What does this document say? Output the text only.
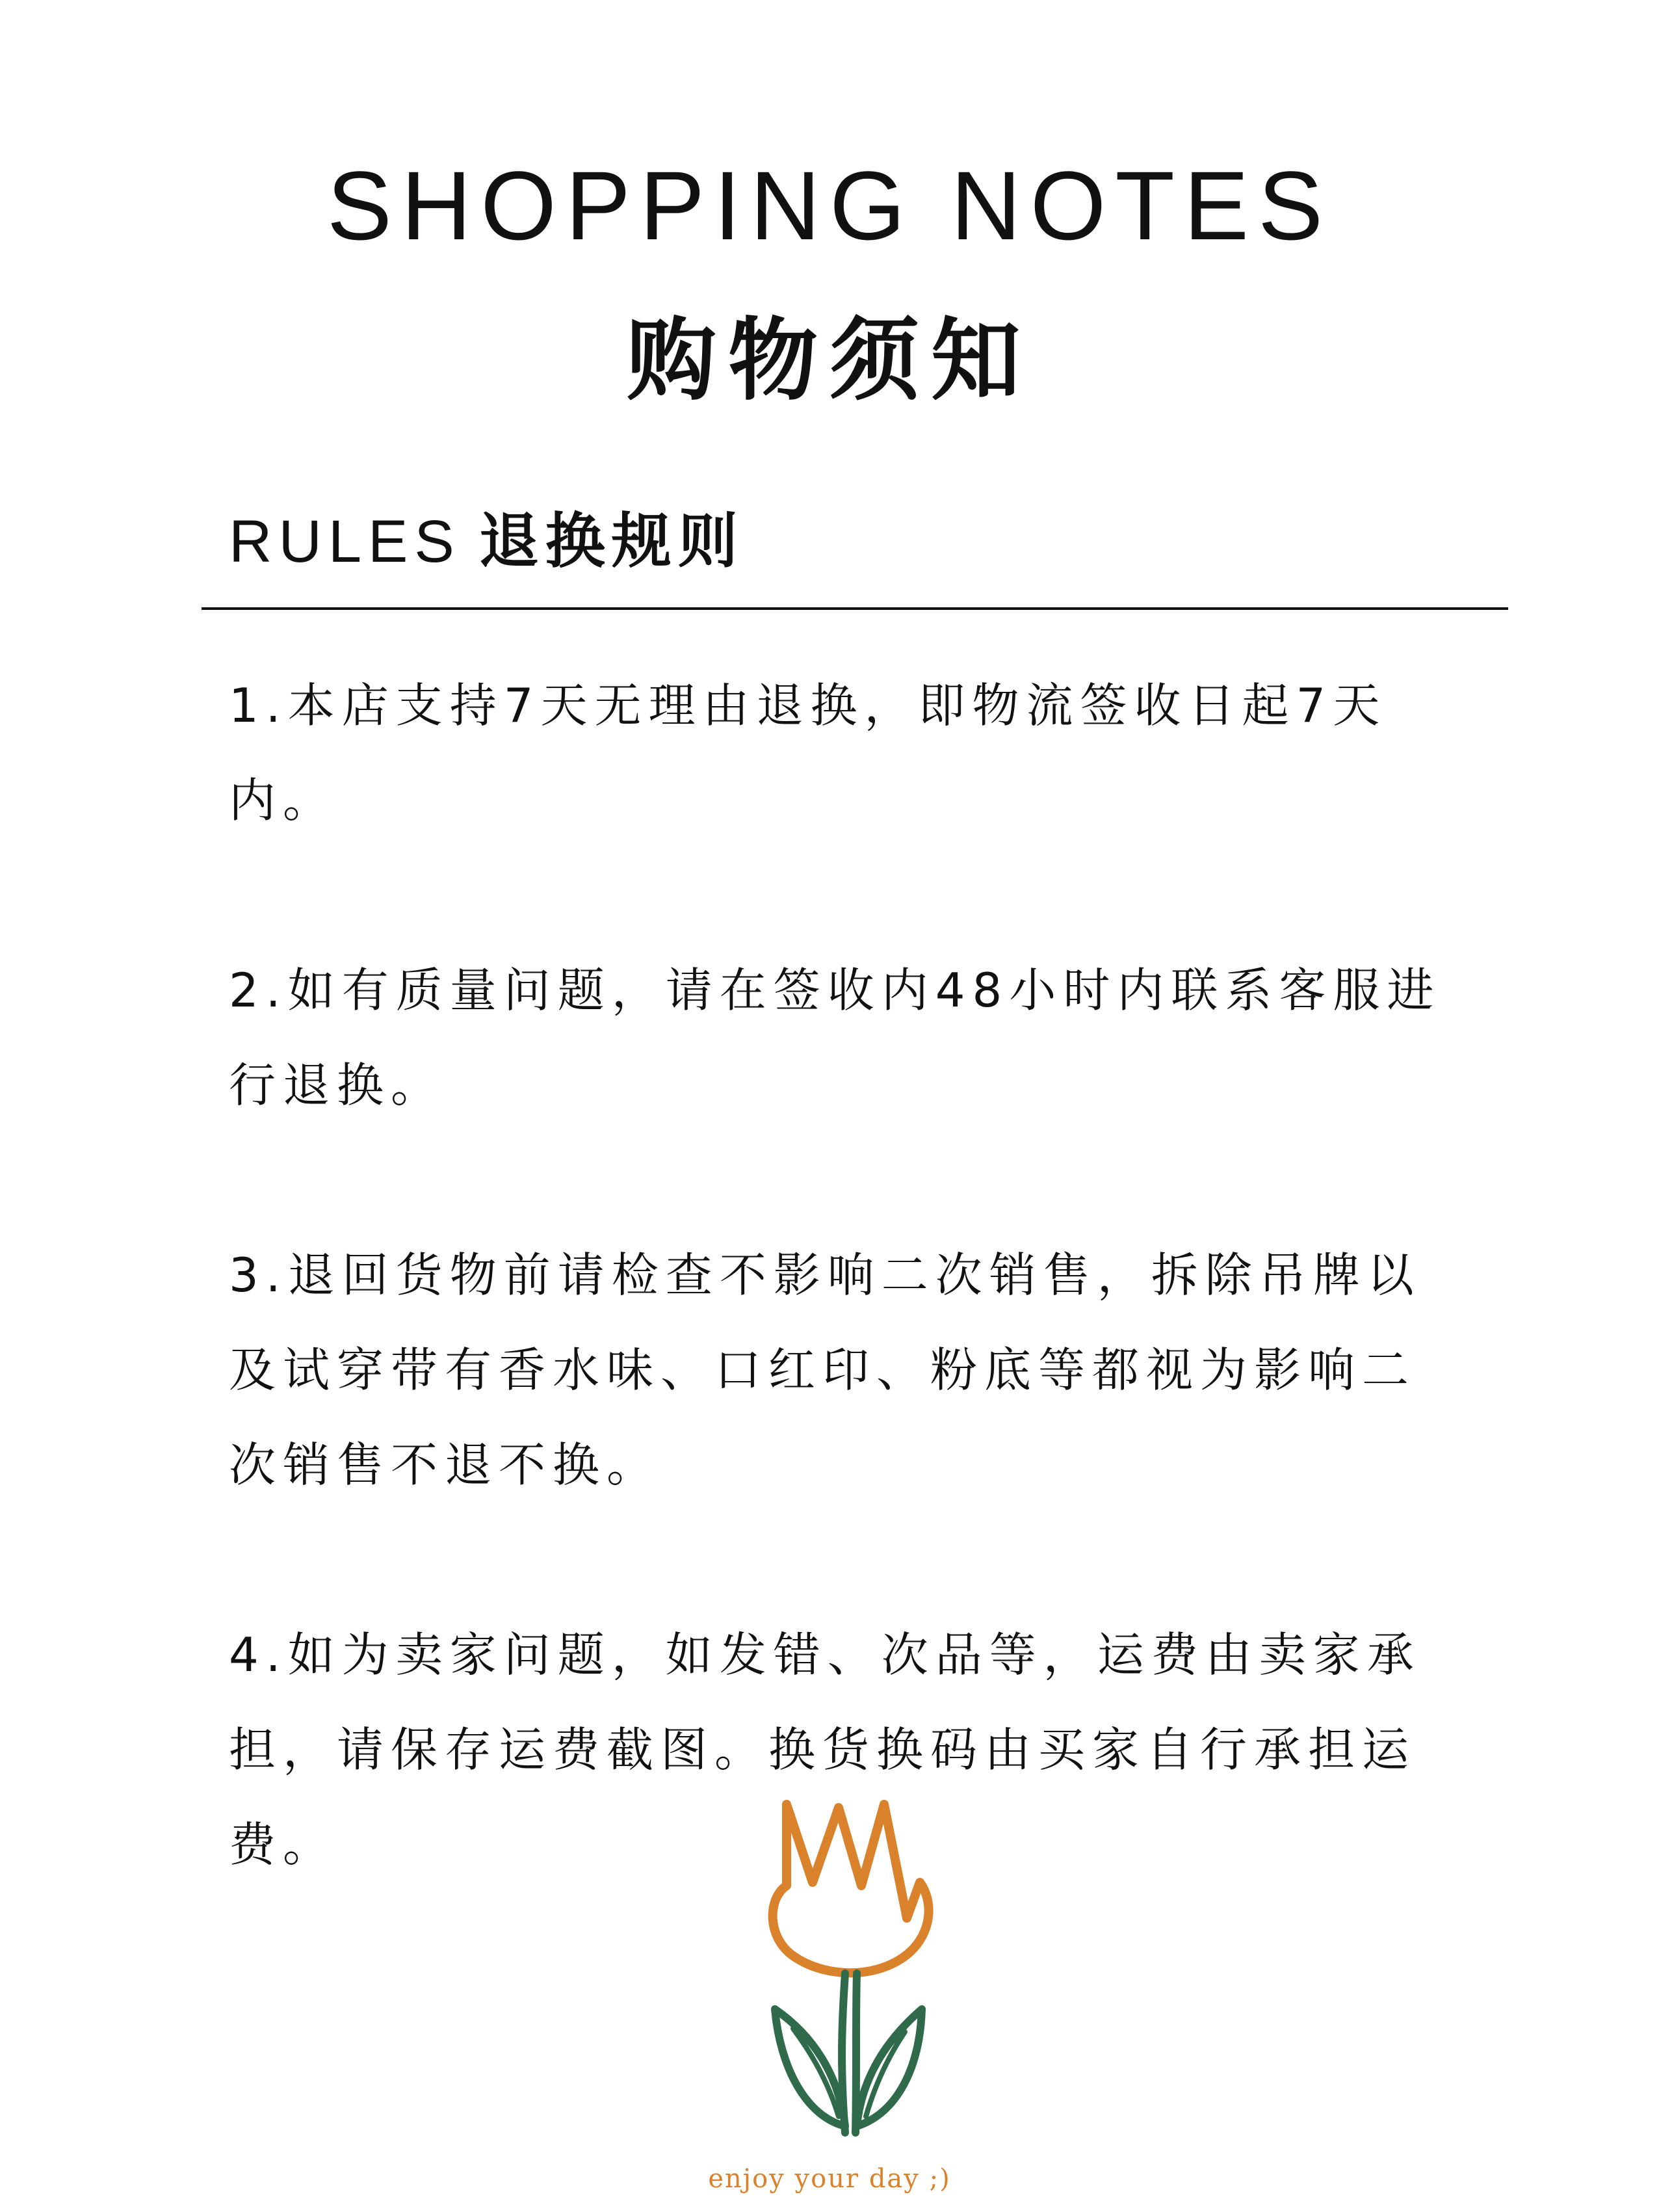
SHOPPING NOTES
购物须知
RULES 退换规则

1.本店支持7天无理由退换，即物流签收日起7天内。

2.如有质量问题，请在签收内48小时内联系客服进行退换。

3.退回货物前请检查不影响二次销售，拆除吊牌以及试穿带有香水味、口红印、粉底等都视为影响二次销售不退不换。

4.如为卖家问题，如发错、次品等，运费由卖家承担，请保存运费截图。换货换码由买家自行承担运费。

enjoy your day ;)
